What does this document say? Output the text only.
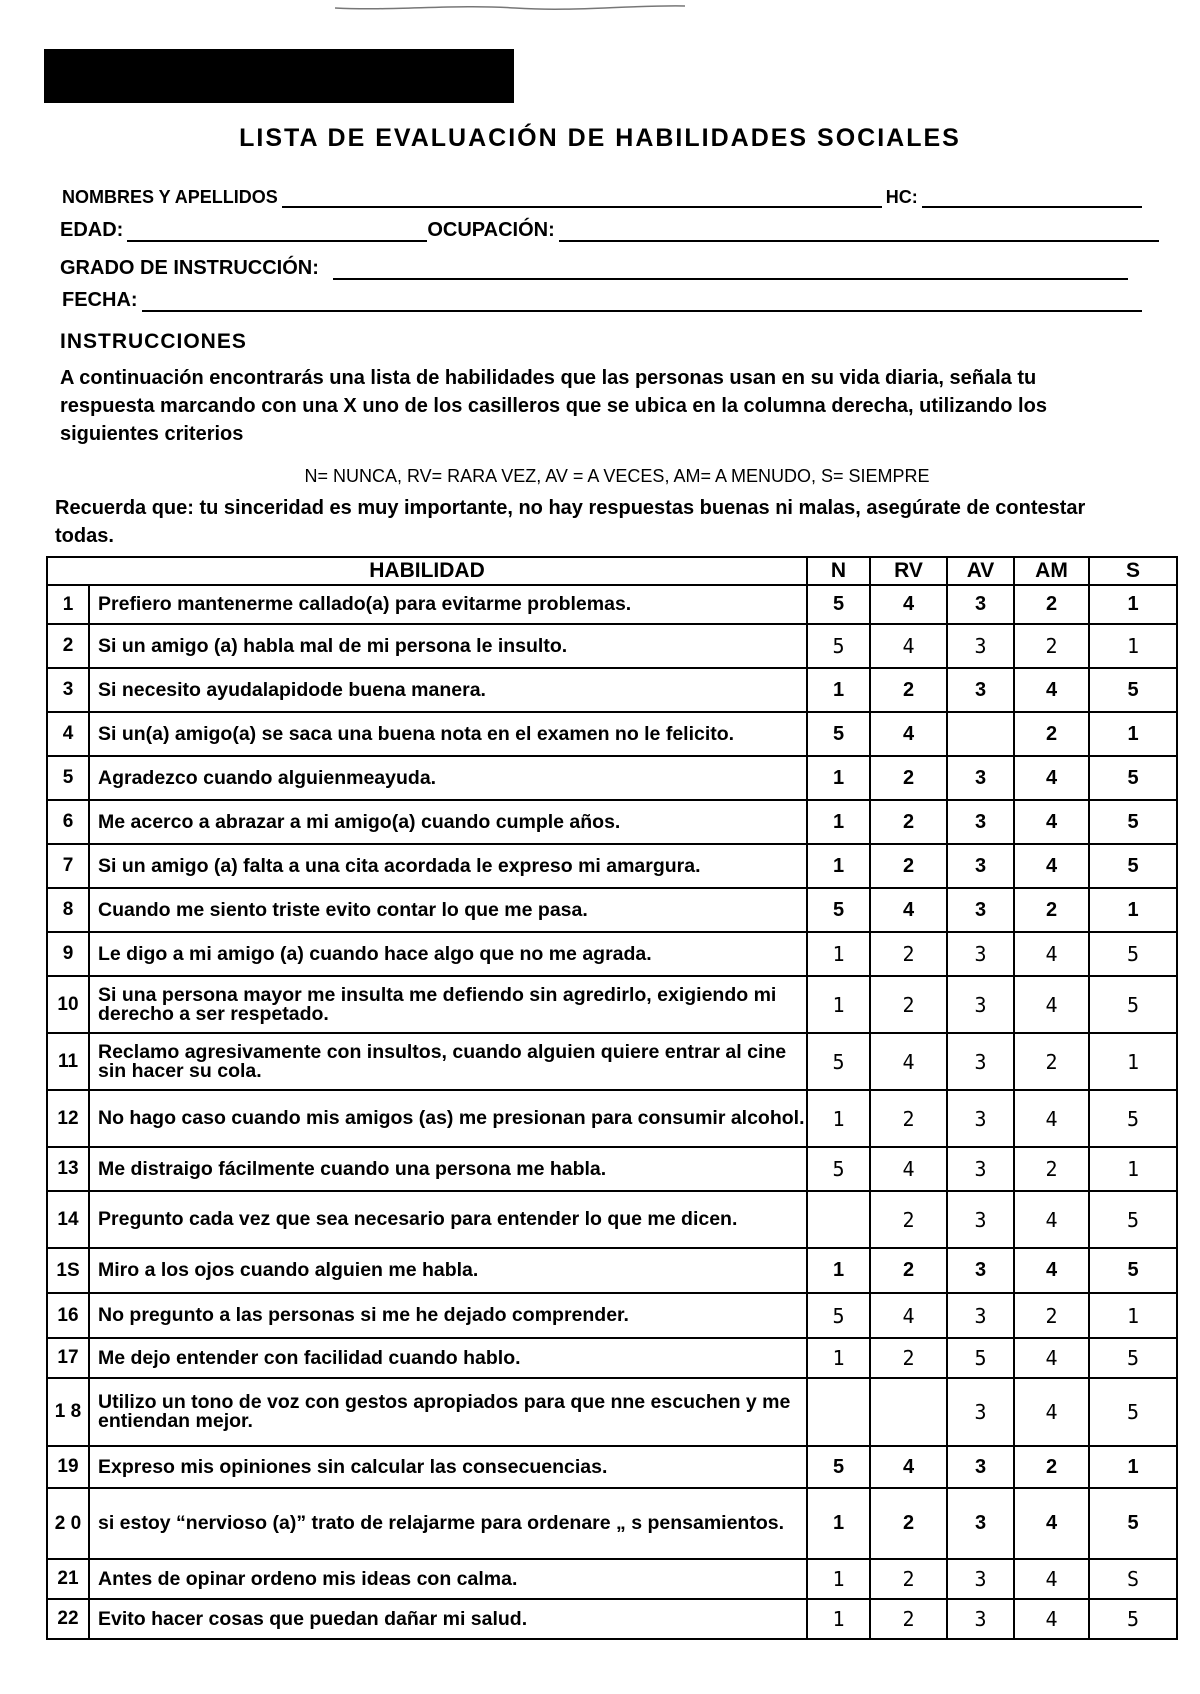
LISTA DE EVALUACIÓN DE HABILIDADES SOCIALES
NOMBRES Y APELLIDOS	HC:
EDAD:	OCUPACIÓN:
GRADO DE INSTRUCCIÓN:
FECHA:
INSTRUCCIONES
A continuación encontrarás una lista de habilidades que las personas usan en su vida diaria, señala tu respuesta marcando con una X uno de los casilleros que se ubica en la columna derecha, utilizando los siguientes criterios
N= NUNCA, RV= RARA VEZ, AV = A VECES, AM= A MENUDO, S= SIEMPRE
Recuerda que: tu sinceridad es muy importante, no hay respuestas buenas ni malas, asegúrate de contestar todas.
HABILIDAD		N	RV	AV	AM	S
1	Prefiero mantenerme callado(a) para evitarme problemas.	5	4	3	2	1
2	Si un amigo (a) habla mal de mi persona le insulto.	5	4	3	2	1
3	Si necesito ayudalapidode buena manera.	1	2	3	4	5
4	Si un(a) amigo(a) se saca una buena nota en el examen no le felicito.	5	4		2	1
5	Agradezco cuando alguienmeayuda.	1	2	3	4	5
6	Me acerco a abrazar a mi amigo(a) cuando cumple años.	1	2	3	4	5
7	Si un amigo (a) falta a una cita acordada le expreso mi amargura.	1	2	3	4	5
8	Cuando me siento triste evito contar lo que me pasa.	5	4	3	2	1
9	Le digo a mi amigo (a) cuando hace algo que no me agrada.	1	2	3	4	5
10	Si una persona mayor me insulta me defiendo sin agredirlo, exigiendo mi derecho a ser respetado.	1	2	3	4	5
11	Reclamo agresivamente con insultos, cuando alguien quiere entrar al cine sin hacer su cola.	5	4	3	2	1
12	No hago caso cuando mis amigos (as) me presionan para consumir alcohol.	1	2	3	4	5
13	Me distraigo fácilmente cuando una persona me habla.	5	4	3	2	1
14	Pregunto cada vez que sea necesario para entender lo que me dicen.		2	3	4	5
1S	Miro a los ojos cuando alguien me habla.	1	2	3	4	5
16	No pregunto a las personas si me he dejado comprender.	5	4	3	2	1
17	Me dejo entender con facilidad cuando hablo.	1	2	5	4	5
1 8	Utilizo un tono de voz con gestos apropiados para que nne escuchen y me entiendan mejor.			3	4	5
19	Expreso mis opiniones sin calcular las consecuencias.	5	4	3	2	1
2 0	si estoy “nervioso (a)” trato de relajarme para ordenare „ s pensamientos.	1	2	3	4	5
21	Antes de opinar ordeno mis ideas con calma.	1	2	3	4	S
22	Evito hacer cosas que puedan dañar mi salud.	1	2	3	4	5
